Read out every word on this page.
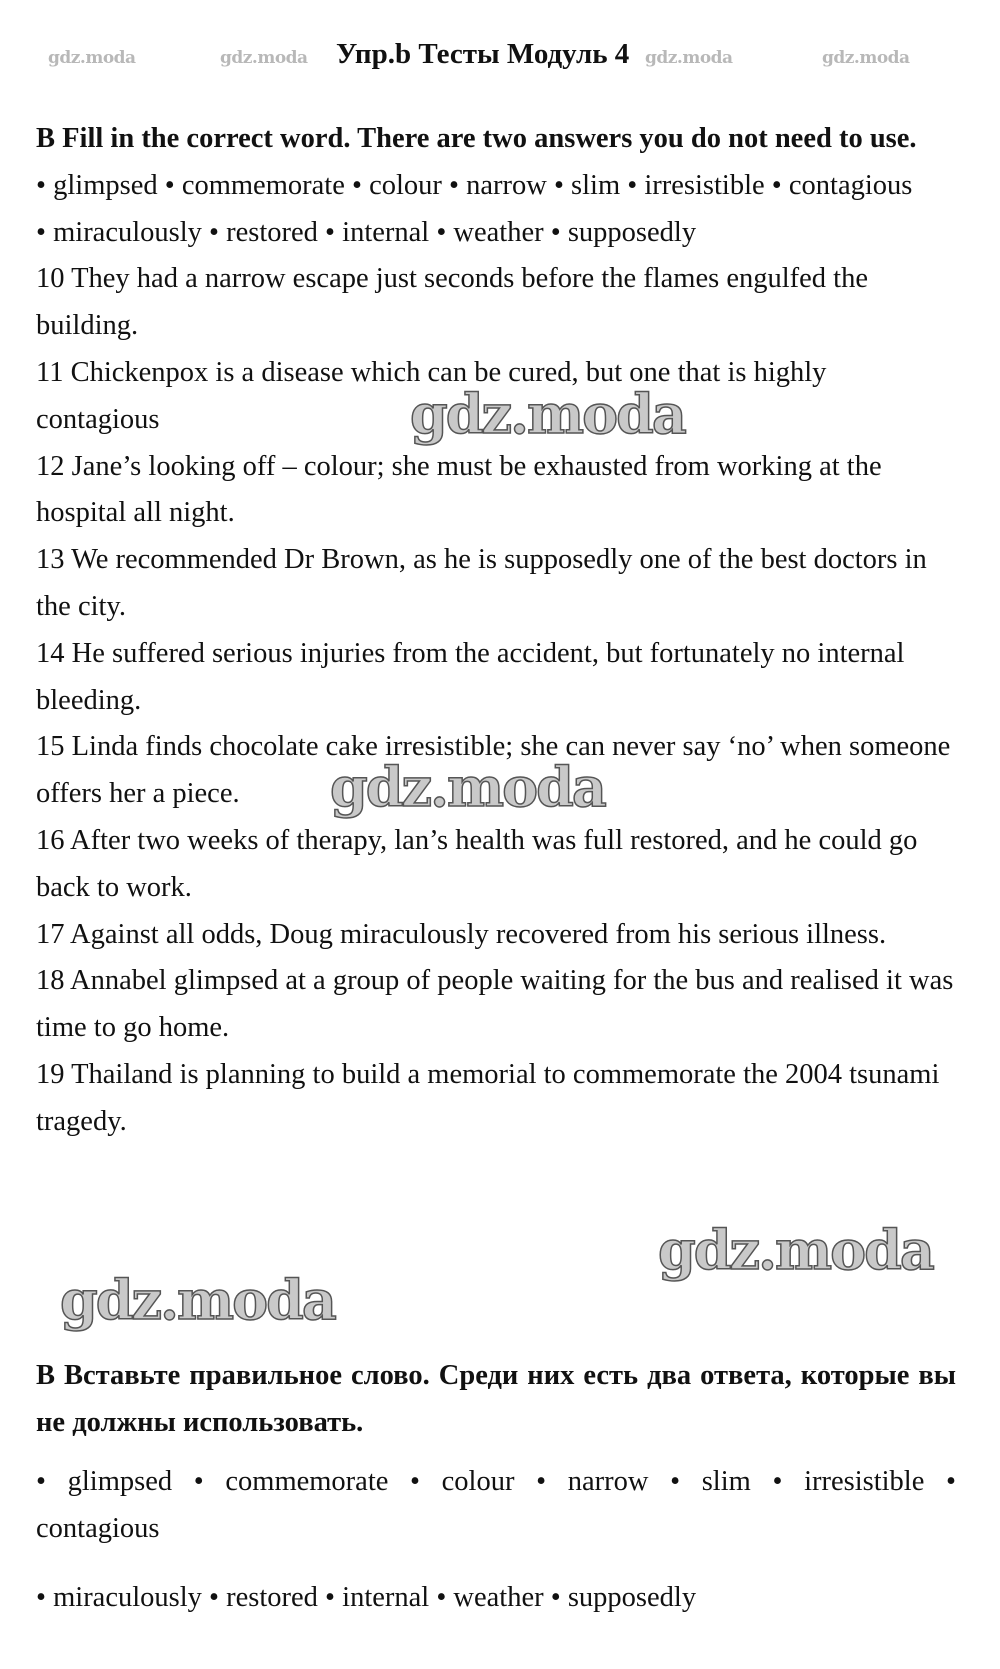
gdz.moda	gdz.moda Упр.b Тесты Модуль 4 gdz.moda	gdz.moda

B Fill in the correct word. There are two answers you do not need to use.

• glimpsed • commemorate • colour • narrow • slim • irresistible • contagious

• miraculously • restored • internal • weather • supposedly

10 They had a narrow escape just seconds before the flames engulfed the building.

11 Chickenpox is a disease which can be cured, but one that is highly contagious

12 Jane’s looking off – colour; she must be exhausted from working at the hospital all night.

13 We recommended Dr Brown, as he is supposedly one of the best doctors in the city.

14 He suffered serious injuries from the accident, but fortunately no internal bleeding.

15 Linda finds chocolate cake irresistible; she can never say ‘no’ when someone offers her a piece.

16 After two weeks of therapy, lan’s health was full restored, and he could go back to work.

17 Against all odds, Doug miraculously recovered from his serious illness.

18 Annabel glimpsed at a group of people waiting for the bus and realised it was time to go home.

19 Thailand is planning to build a memorial to commemorate the 2004 tsunami tragedy.

gdz.moda
gdz.moda
gdz.moda
gdz.moda

В Вставьте правильное слово. Среди них есть два ответа, которые вы не должны использовать.

• glimpsed • commemorate • colour • narrow • slim • irresistible • contagious

• miraculously • restored • internal • weather • supposedly
